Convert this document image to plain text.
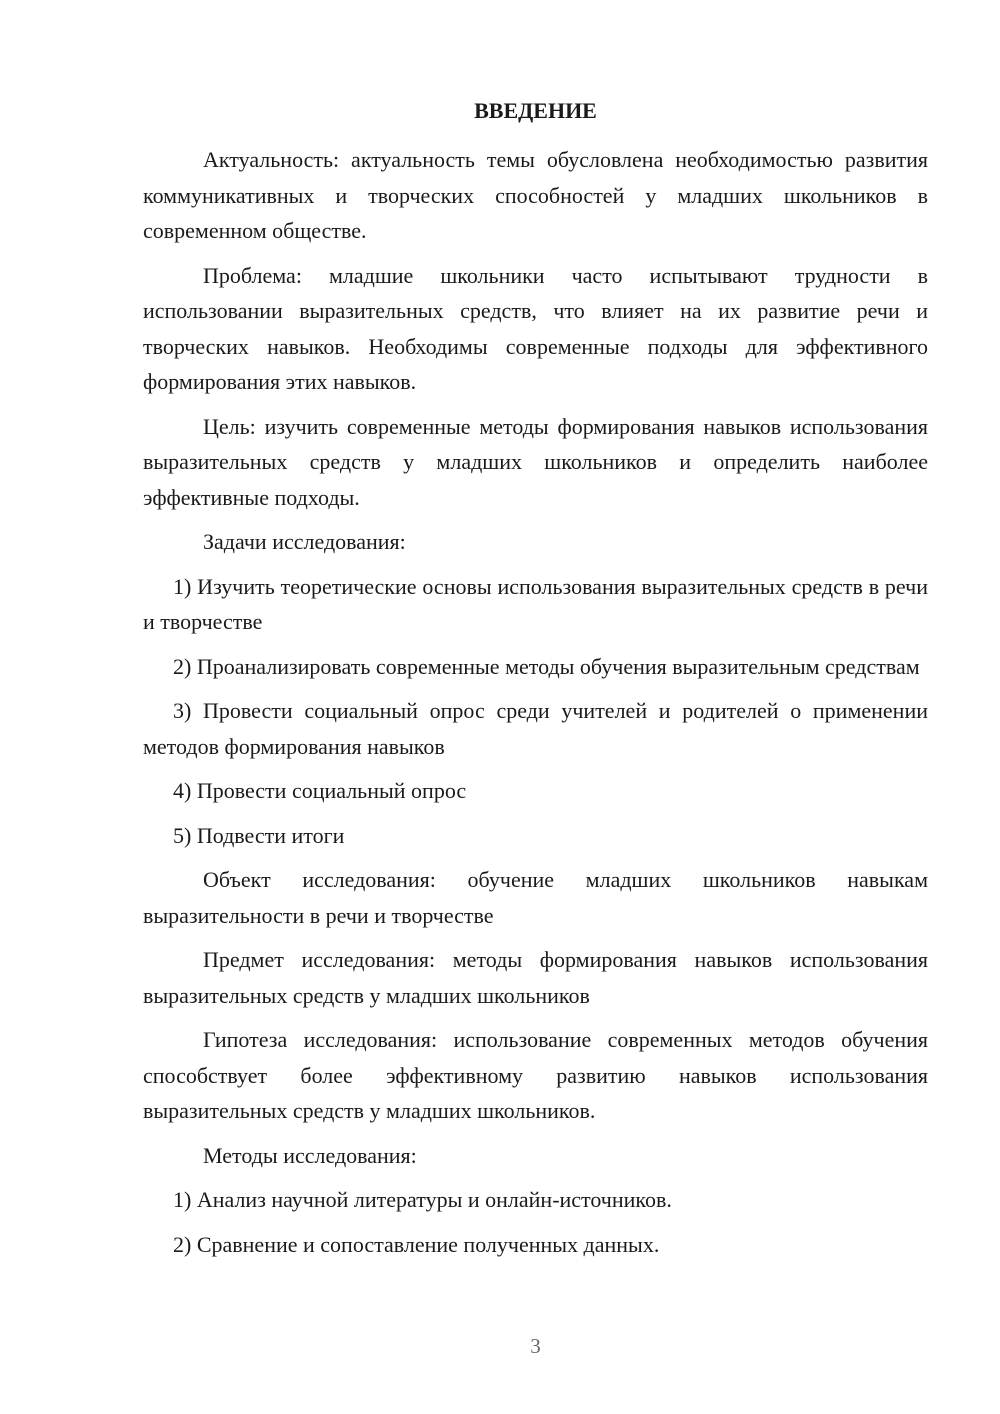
ВВЕДЕНИЕ

Актуальность: актуальность темы обусловлена необходимостью развития коммуникативных и творческих способностей у младших школьников в современном обществе.

Проблема: младшие школьники часто испытывают трудности в использовании выразительных средств, что влияет на их развитие речи и творческих навыков. Необходимы современные подходы для эффективного формирования этих навыков.

Цель: изучить современные методы формирования навыков использования выразительных средств у младших школьников и определить наиболее эффективные подходы.

Задачи исследования:

1) Изучить теоретические основы использования выразительных средств в речи и творчестве

2) Проанализировать современные методы обучения выразительным средствам

3) Провести социальный опрос среди учителей и родителей о применении методов формирования навыков

4) Провести социальный опрос

5) Подвести итоги

Объект исследования: обучение младших школьников навыкам выразительности в речи и творчестве

Предмет исследования: методы формирования навыков использования выразительных средств у младших школьников

Гипотеза исследования: использование современных методов обучения способствует более эффективному развитию навыков использования выразительных средств у младших школьников.

Методы исследования:

1) Анализ научной литературы и онлайн-источников.

2) Сравнение и сопоставление полученных данных.

3
